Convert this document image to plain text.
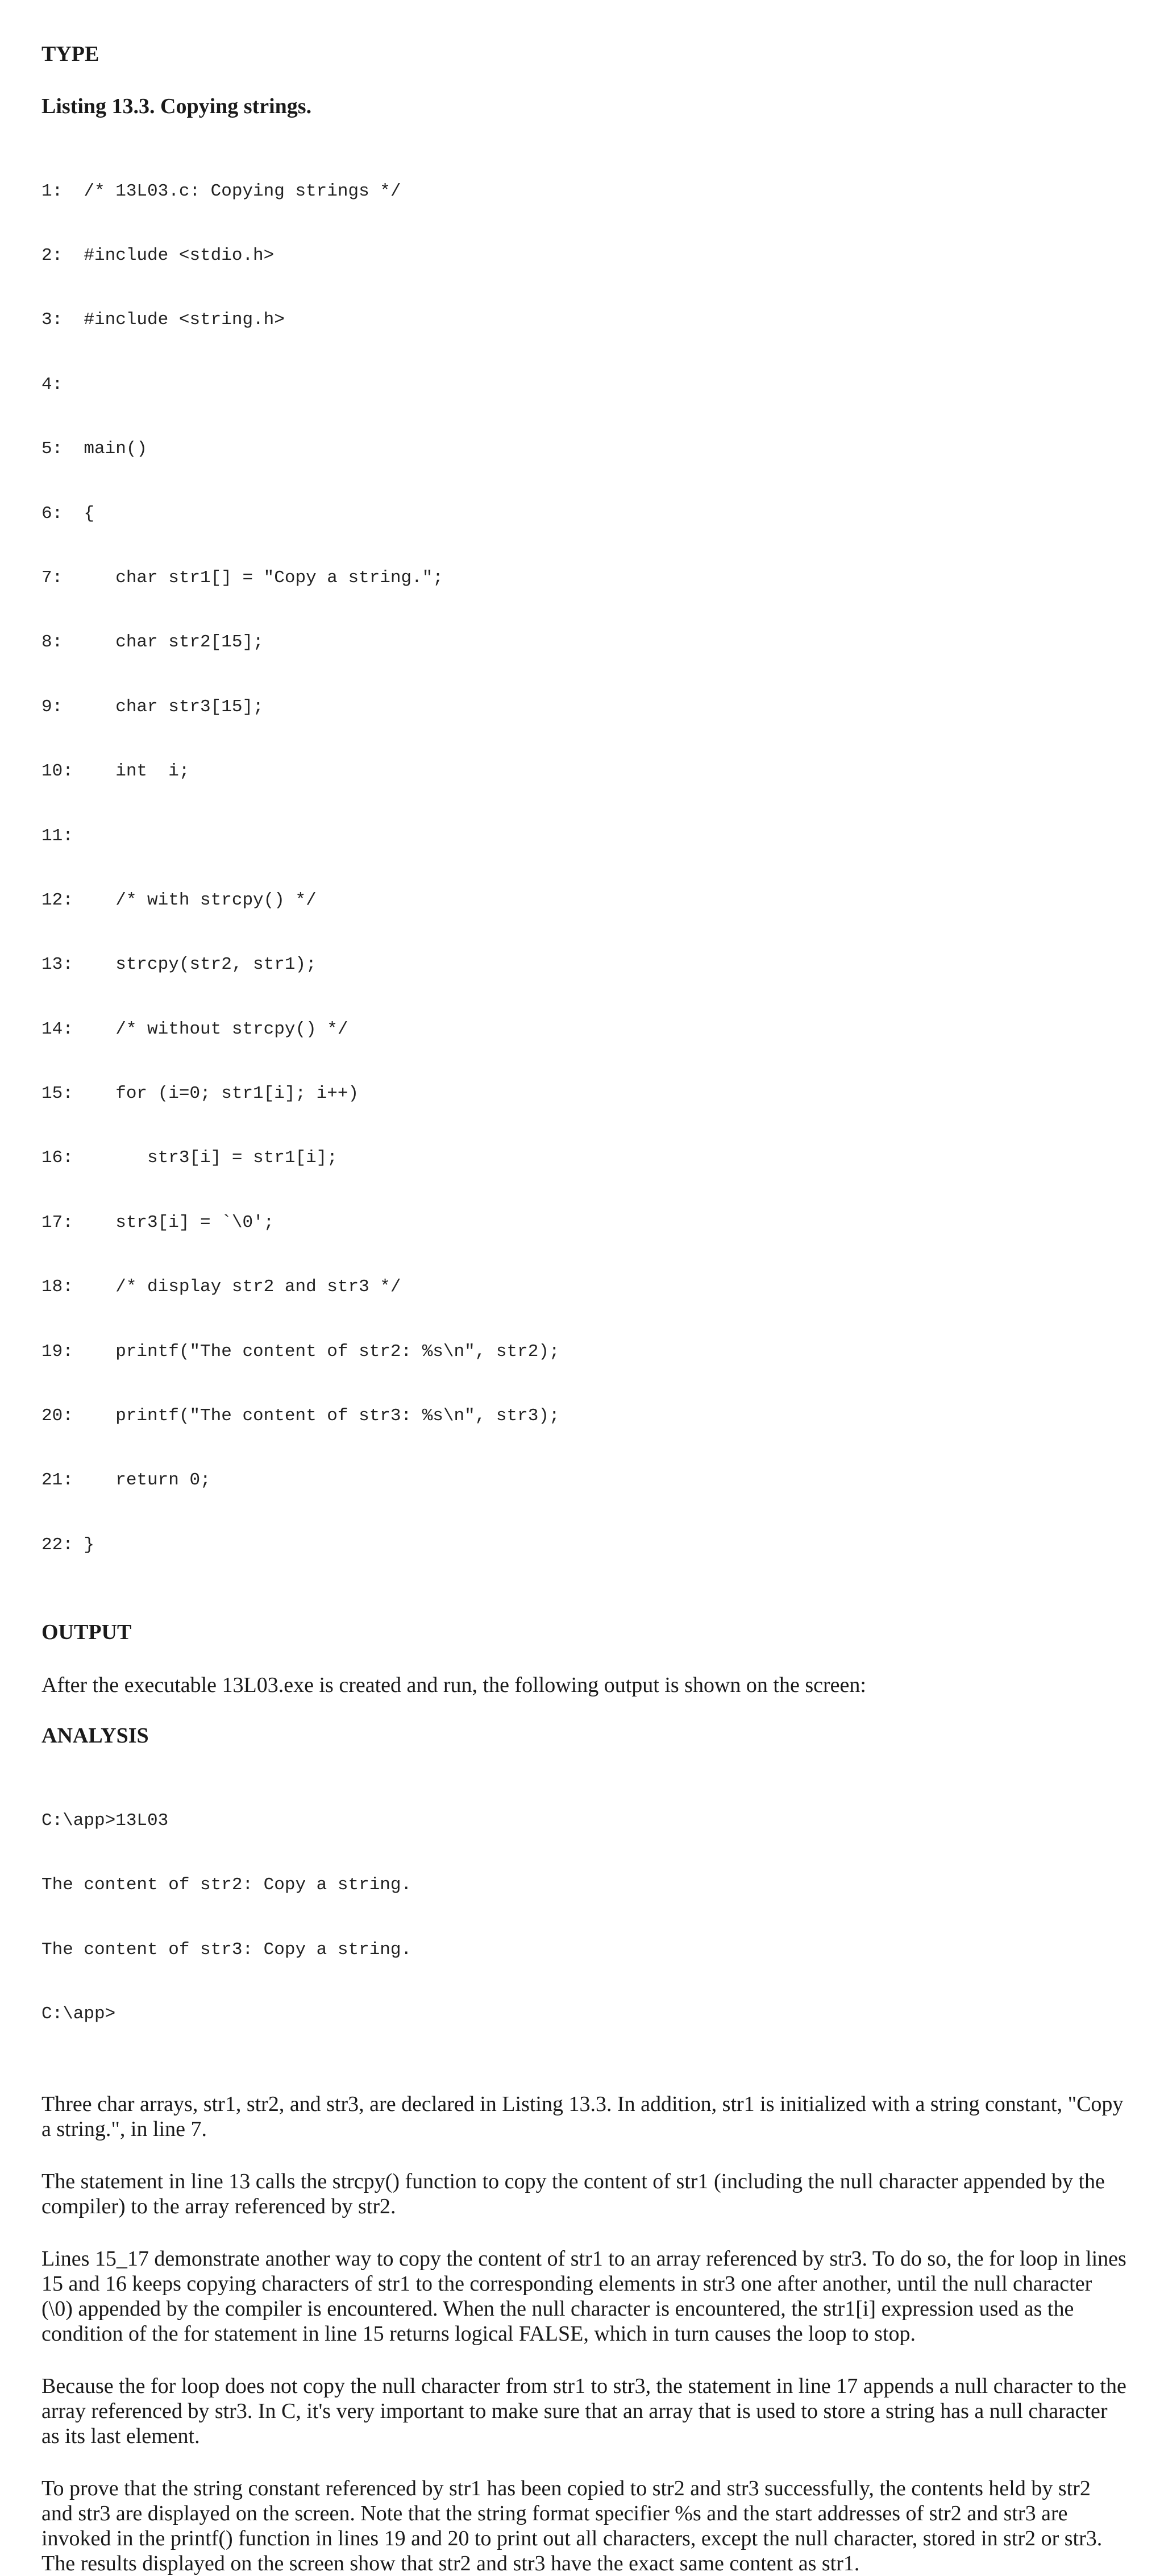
TYPE
Listing 13.3. Copying strings.

1:  /* 13L03.c: Copying strings */

2:  #include <stdio.h>

3:  #include <string.h>

4:

5:  main()

6:  {

7:     char str1[] = "Copy a string.";

8:     char str2[15];

9:     char str3[15];

10:    int  i;

11:

12:    /* with strcpy() */

13:    strcpy(str2, str1);

14:    /* without strcpy() */

15:    for (i=0; str1[i]; i++)

16:       str3[i] = str1[i];

17:    str3[i] = `\0';

18:    /* display str2 and str3 */

19:    printf("The content of str2: %s\n", str2);

20:    printf("The content of str3: %s\n", str3);

21:    return 0;

22: }

OUTPUT

After the executable 13L03.exe is created and run, the following output is shown on the screen:

ANALYSIS

C:\app>13L03

The content of str2: Copy a string.

The content of str3: Copy a string.

C:\app>

Three char arrays, str1, str2, and str3, are declared in Listing 13.3. In addition, str1 is initialized with a string constant, "Copy a string.", in line 7.

The statement in line 13 calls the strcpy() function to copy the content of str1 (including the null character appended by the compiler) to the array referenced by str2.

Lines 15_17 demonstrate another way to copy the content of str1 to an array referenced by str3. To do so, the for loop in lines 15 and 16 keeps copying characters of str1 to the corresponding elements in str3 one after another, until the null character (\0) appended by the compiler is encountered. When the null character is encountered, the str1[i] expression used as the condition of the for statement in line 15 returns logical FALSE, which in turn causes the loop to stop.

Because the for loop does not copy the null character from str1 to str3, the statement in line 17 appends a null character to the array referenced by str3. In C, it's very important to make sure that an array that is used to store a string has a null character as its last element.

To prove that the string constant referenced by str1 has been copied to str2 and str3 successfully, the contents held by str2 and str3 are displayed on the screen. Note that the string format specifier %s and the start addresses of str2 and str3 are invoked in the printf() function in lines 19 and 20 to print out all characters, except the null character, stored in str2 or str3. The results displayed on the screen show that str2 and str3 have the exact same content as str1.
